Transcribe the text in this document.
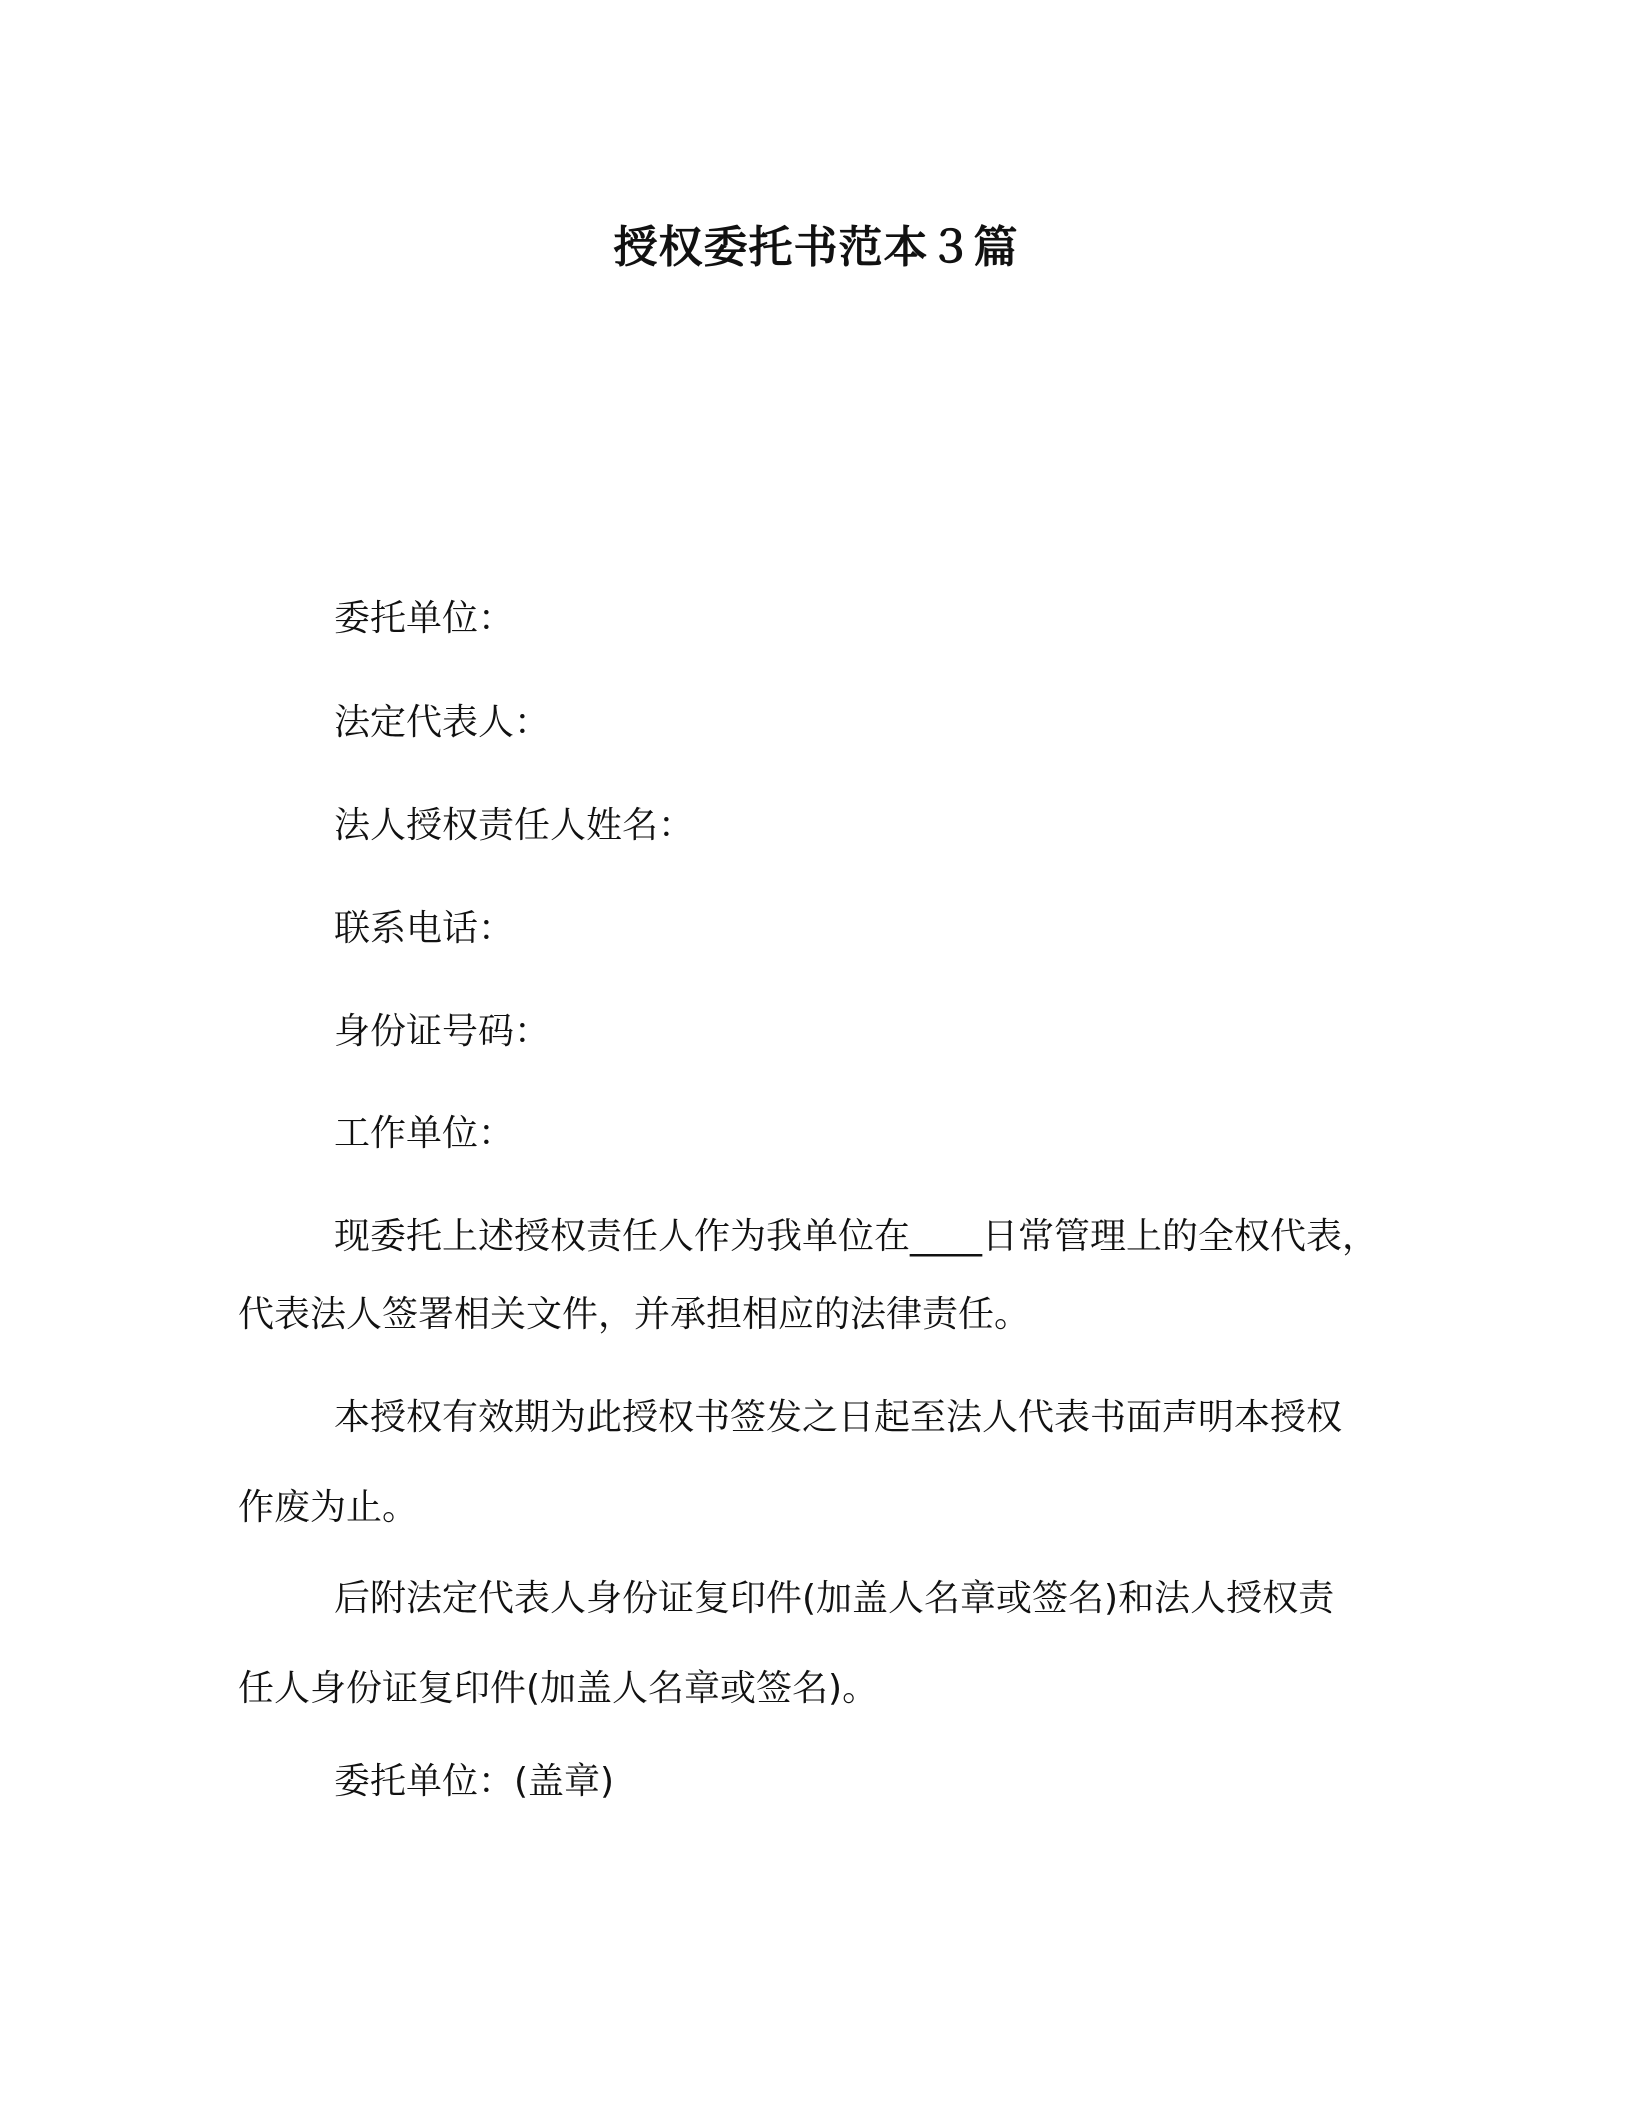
授权委托书范本３篇
委托单位：
法定代表人：
法人授权责任人姓名：
联系电话：
身份证号码：
工作单位：
现委托上述授权责任人作为我单位在____日常管理上的全权代表，
代表法人签署相关文件，并承担相应的法律责任。
本授权有效期为此授权书签发之日起至法人代表书面声明本授权
作废为止。
后附法定代表人身份证复印件(加盖人名章或签名)和法人授权责
任人身份证复印件(加盖人名章或签名)。
委托单位：(盖章)
